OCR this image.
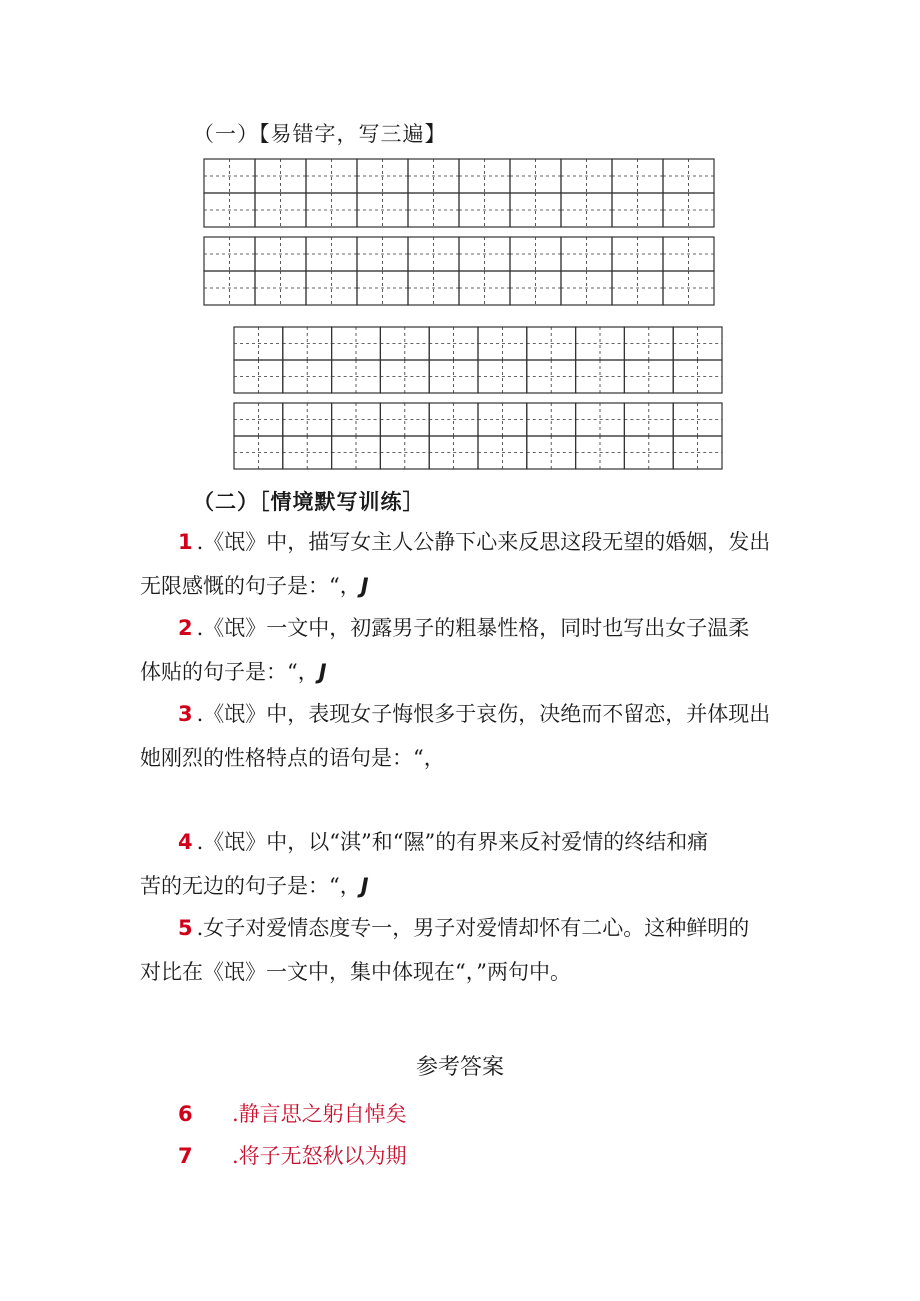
（一）【易错字，写三遍】
（二）［情境默写训练］
1 .《氓》中，描写女主人公静下心来反思这段无望的婚姻，发出
无限感慨的句子是：“，J
2 .《氓》一文中，初露男子的粗暴性格，同时也写出女子温柔
体贴的句子是：“，J
3 .《氓》中，表现女子悔恨多于哀伤，决绝而不留恋，并体现出
她刚烈的性格特点的语句是：“，
4 .《氓》中，以“淇”和“隰”的有界来反衬爱情的终结和痛
苦的无边的句子是：“，J
5 .女子对爱情态度专一，男子对爱情却怀有二心。这种鲜明的
对比在《氓》一文中，集中体现在“，”两句中。
参考答案
6 .静言思之躬自悼矣
7 .将子无怒秋以为期
